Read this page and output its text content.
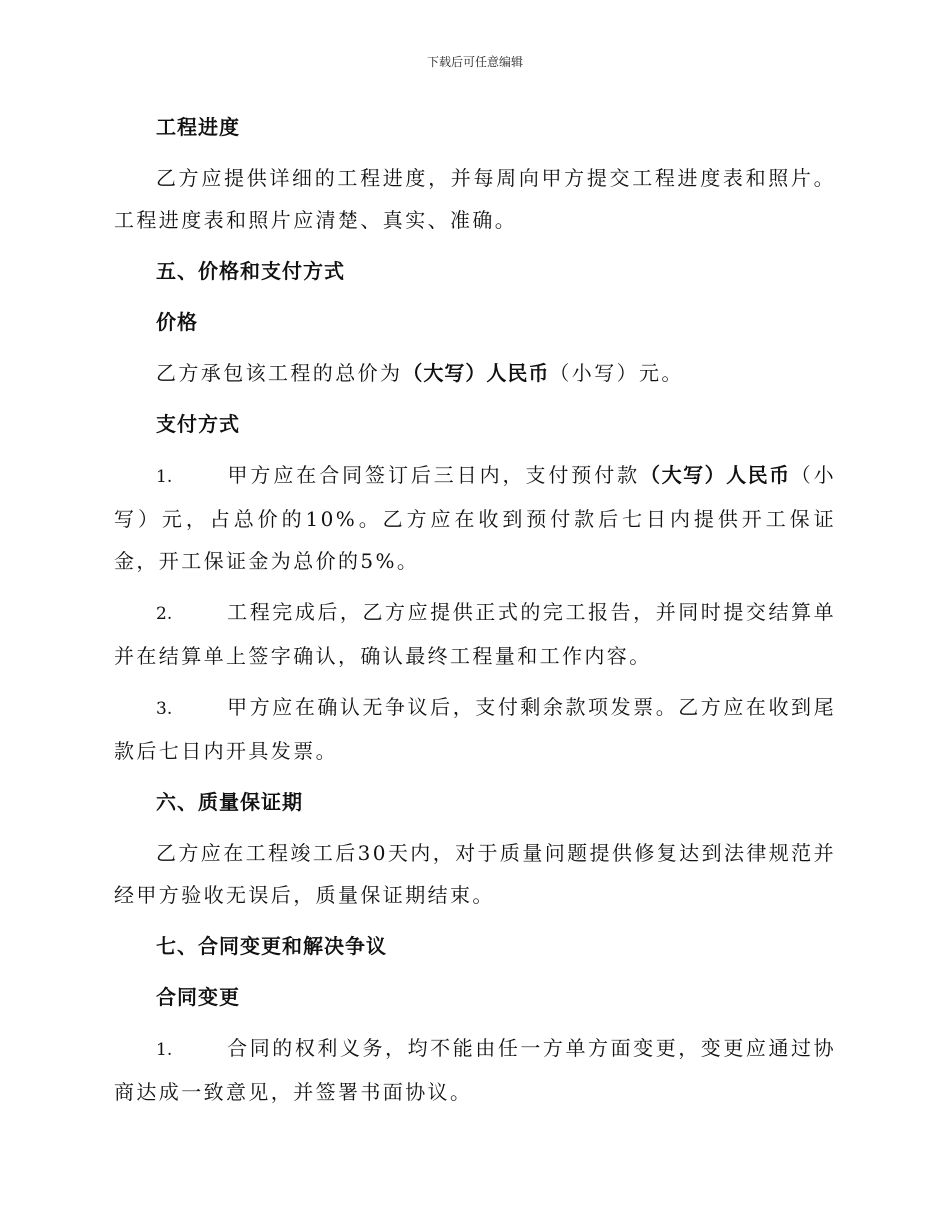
下载后可任意编辑
工程进度
乙方应提供详细的工程进度，并每周向甲方提交工程进度表和照片。工程进度表和照片应清楚、真实、准确。
五、价格和支付方式
价格
乙方承包该工程的总价为（大写）人民币（小写）元。
支付方式
1.	甲方应在合同签订后三日内，支付预付款（大写）人民币（小写）元，占总价的10%。乙方应在收到预付款后七日内提供开工保证金，开工保证金为总价的5%。
2.	工程完成后，乙方应提供正式的完工报告，并同时提交结算单并在结算单上签字确认，确认最终工程量和工作内容。
3.	甲方应在确认无争议后，支付剩余款项发票。乙方应在收到尾款后七日内开具发票。
六、质量保证期
乙方应在工程竣工后30天内，对于质量问题提供修复达到法律规范并经甲方验收无误后，质量保证期结束。
七、合同变更和解决争议
合同变更
1.	合同的权利义务，均不能由任一方单方面变更，变更应通过协商达成一致意见，并签署书面协议。
